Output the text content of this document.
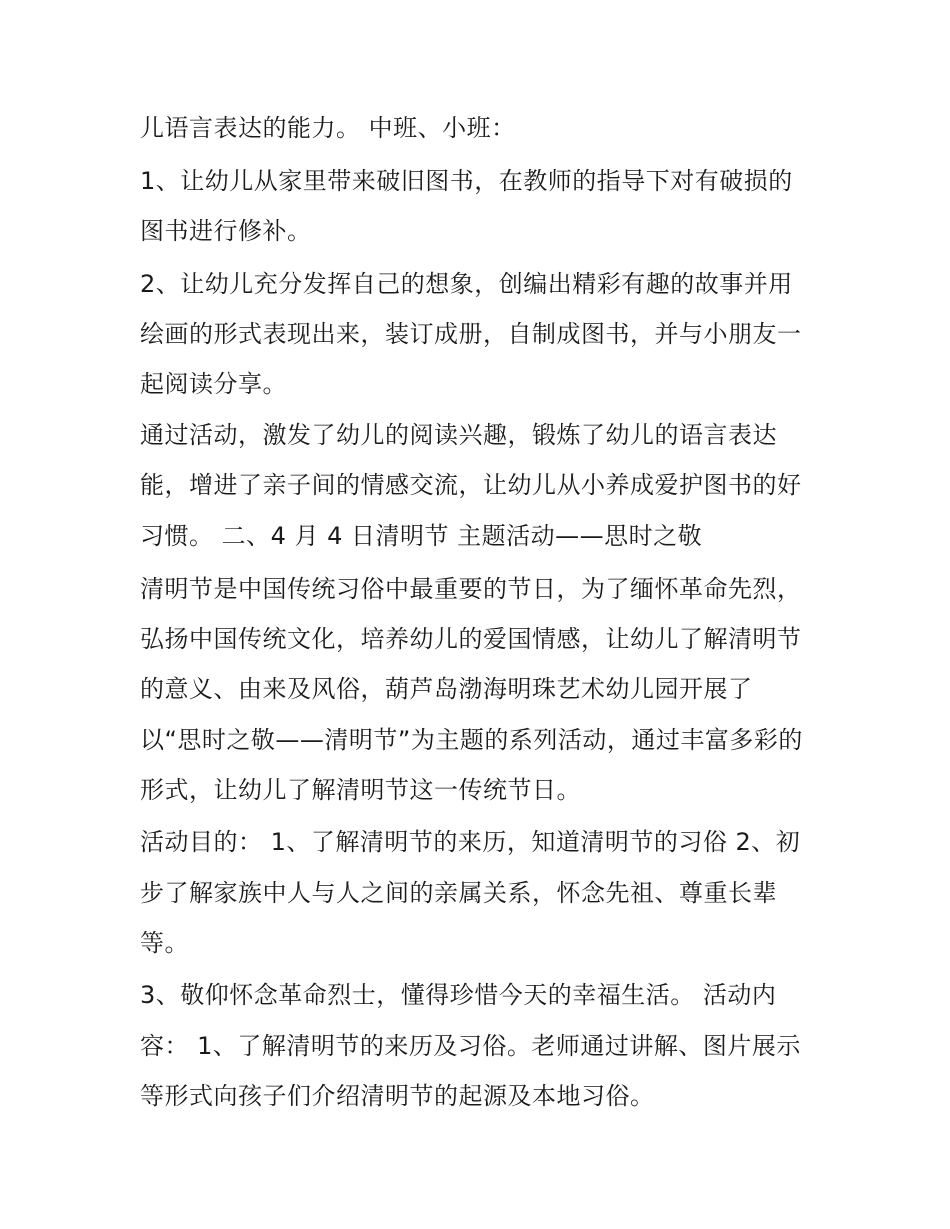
儿语言表达的能力。 中班、小班：
1、让幼儿从家里带来破旧图书，在教师的指导下对有破损的
图书进行修补。
2、让幼儿充分发挥自己的想象，创编出精彩有趣的故事并用
绘画的形式表现出来，装订成册，自制成图书，并与小朋友一
起阅读分享。
通过活动，激发了幼儿的阅读兴趣，锻炼了幼儿的语言表达
能，增进了亲子间的情感交流，让幼儿从小养成爱护图书的好
习惯。 二、4 月 4 日清明节 主题活动——思时之敬
清明节是中国传统习俗中最重要的节日，为了缅怀革命先烈，
弘扬中国传统文化，培养幼儿的爱国情感，让幼儿了解清明节
的意义、由来及风俗，葫芦岛渤海明珠艺术幼儿园开展了
以“思时之敬——清明节”为主题的系列活动，通过丰富多彩的
形式，让幼儿了解清明节这一传统节日。
活动目的： 1、了解清明节的来历，知道清明节的习俗 2、初
步了解家族中人与人之间的亲属关系，怀念先祖、尊重长辈
等。
3、敬仰怀念革命烈士，懂得珍惜今天的幸福生活。 活动内
容： 1、了解清明节的来历及习俗。老师通过讲解、图片展示
等形式向孩子们介绍清明节的起源及本地习俗。
